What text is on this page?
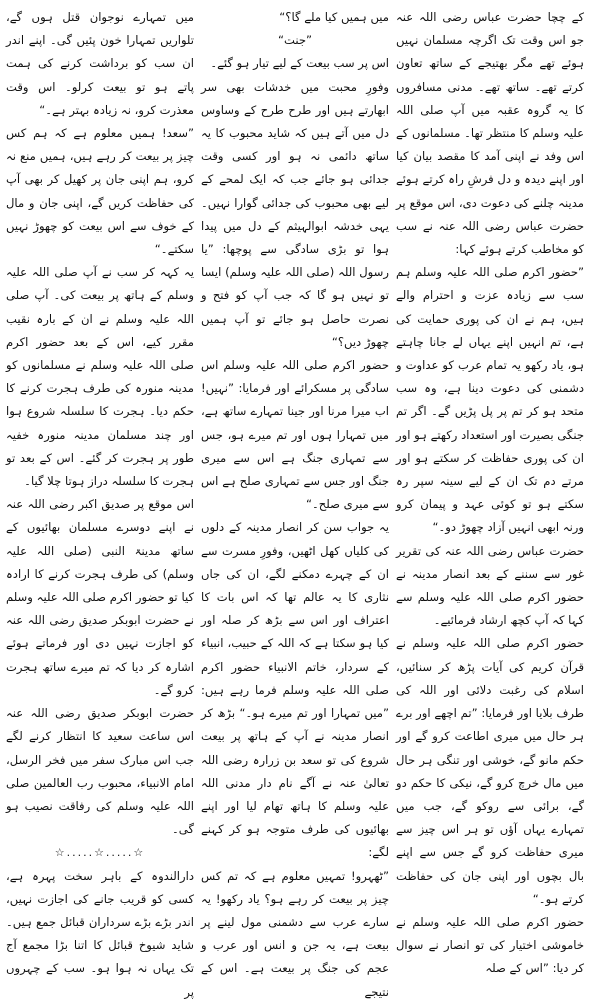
کے چچا حضرت عباس رضی اللہ عنہ جو اس وقت تک اگرچہ مسلمان نہیں ہوئے تھے مگر بھتیجے کے ساتھ تعاون کرتے تھے۔ ساتھ تھے۔ مدنی مسافروں کا یہ گروہ عقبہ میں آپ صلی اللہ علیہ وسلم کا منتظر تھا۔ مسلمانوں کے اس وفد نے اپنی آمد کا مقصد بیان کیا اور اپنے دیدہ و دل فرشِ راہ کرتے ہوئے مدینہ چلنے کی دعوت دی، اس موقع پر حضرت عباس رضی اللہ عنہ نے سب کو مخاطب کرتے ہوئے کہا:

”حضور اکرم صلی اللہ علیہ وسلم ہم سب سے زیادہ عزت و احترام والے ہیں، ہم نے ان کی پوری حمایت کی ہے، تم انہیں اپنے یہاں لے جانا چاہتے ہو، یاد رکھو یہ تمام عرب کو عداوت و دشمنی کی دعوت دینا ہے، وہ سب متحد ہو کر تم پر پل پڑیں گے۔ اگر تم جنگی بصیرت اور استعداد رکھتے ہو اور ان کی پوری حفاظت کر سکتے ہو اور مرتے دم تک ان کے لیے سینہ سپر رہ سکتے ہو تو کوئی عہد و پیمان کرو ورنہ ابھی انہیں آزاد چھوڑ دو۔“

حضرت عباس رضی اللہ عنہ کی تقریر غور سے سننے کے بعد انصار مدینہ نے حضور اکرم صلی اللہ علیہ وسلم سے کہا کہ آپ کچھ ارشاد فرمائیے۔

حضور اکرم صلی اللہ علیہ وسلم نے قرآن کریم کی آیات پڑھ کر سنائیں، اسلام کی رغبت دلائی اور اللہ کی طرف بلایا اور فرمایا: ”تم اچھے اور برے ہر حال میں میری اطاعت کرو گے اور حکم مانو گے، خوشی اور تنگی ہر حال میں مال خرچ کرو گے، نیکی کا حکم دو گے، برائی سے روکو گے، جب میں تمہارے یہاں آؤں تو ہر اس چیز سے میری حفاظت کرو گے جس سے اپنے بال بچوں اور اپنی جان کی حفاظت کرتے ہو۔“

حضور اکرم صلی اللہ علیہ وسلم نے خاموشی اختیار کی تو انصار نے سوال کر دیا: ”اس کے صلہ

میں ہمیں کیا ملے گا؟“

”جنت“

اس پر سب بیعت کے لیے تیار ہو گئے۔

وفورِ محبت میں خدشات بھی سر ابھارتے ہیں اور طرح طرح کے وساوس دل میں آتے ہیں کہ شاید محبوب کا یہ ساتھ دائمی نہ ہو اور کسی وقت جدائی ہو جائے جب کہ ایک لمحے کے لیے بھی محبوب کی جدائی گوارا نہیں۔ یہی خدشہ ابوالہیثم کے دل میں پیدا ہوا تو بڑی سادگی سے پوچھا: ”یا رسول اللہ (صلی اللہ علیہ وسلم) ایسا تو نہیں ہو گا کہ جب آپ کو فتح و نصرت حاصل ہو جائے تو آپ ہمیں چھوڑ دیں؟“

حضور اکرم صلی اللہ علیہ وسلم اس سادگی پر مسکرائے اور فرمایا: ”نہیں! اب میرا مرنا اور جینا تمہارے ساتھ ہے، میں تمہارا ہوں اور تم میرے ہو، جس سے تمہاری جنگ ہے اس سے میری جنگ اور جس سے تمہاری صلح ہے اس سے میری صلح۔“

یہ جواب سن کر انصار مدینہ کے دلوں کی کلیاں کھل اٹھیں، وفورِ مسرت سے ان کے چہرے دمکنے لگے، ان کی جاں نثاری کا یہ عالم تھا کہ اس بات کا اعتراف اور اس سے بڑھ کر صلہ اور کیا ہو سکتا ہے کہ اللہ کے حبیب، انبیاء کے سردار، خاتم الانبیاء حضور اکرم صلی اللہ علیہ وسلم فرما رہے ہیں: ”میں تمہارا اور تم میرے ہو۔“ بڑھ کر انصار مدینہ نے آپ کے ہاتھ پر بیعت شروع کی تو سعد بن زرارہ رضی اللہ تعالیٰ عنہ نے آگے نام دار مدنی اللہ علیہ وسلم کا ہاتھ تھام لیا اور اپنے بھائیوں کی طرف متوجہ ہو کر کہنے لگے:

”ٹھہرو! تمہیں معلوم ہے کہ تم کس چیز پر بیعت کر رہے ہو؟ یاد رکھو! یہ سارے عرب سے دشمنی مول لینے پر بیعت ہے، یہ جن و انس اور عرب و عجم کی جنگ پر بیعت ہے۔ اس کے نتیجے

میں تمہارے نوجوان قتل ہوں گے، تلواریں تمہارا خون پئیں گی۔ اپنے اندر ان سب کو برداشت کرنے کی ہمت پاتے ہو تو بیعت کرلو۔ اس وقت معذرت کرو، نہ زیادہ بہتر ہے۔“

”سعد! ہمیں معلوم ہے کہ ہم کس چیز پر بیعت کر رہے ہیں، ہمیں منع نہ کرو، ہم اپنی جان پر کھیل کر بھی آپ کی حفاظت کریں گے، اپنی جان و مال کے خوف سے اس بیعت کو چھوڑ نہیں سکتے۔“

یہ کہہ کر سب نے آپ صلی اللہ علیہ وسلم کے ہاتھ پر بیعت کی۔ آپ صلی اللہ علیہ وسلم نے ان کے بارہ نقیب مقرر کیے، اس کے بعد حضور اکرم صلی اللہ علیہ وسلم نے مسلمانوں کو مدینہ منورہ کی طرف ہجرت کرنے کا حکم دیا۔ ہجرت کا سلسلہ شروع ہوا اور چند مسلمان مدینہ منورہ خفیہ طور پر ہجرت کر گئے۔ اس کے بعد تو ہجرت کا سلسلہ دراز ہوتا چلا گیا۔

اس موقع پر صدیق اکبر رضی اللہ عنہ نے اپنے دوسرے مسلمان بھائیوں کے ساتھ مدینۃ النبی (صلی اللہ علیہ وسلم) کی طرف ہجرت کرنے کا ارادہ کیا تو حضور اکرم صلی اللہ علیہ وسلم نے حضرت ابوبکر صدیق رضی اللہ عنہ کو اجازت نہیں دی اور فرماتے ہوئے اشارہ کر دیا کہ تم میرے ساتھ ہجرت کرو گے۔

حضرت ابوبکر صدیق رضی اللہ عنہ اس ساعت سعید کا انتظار کرنے لگے جب اس مبارک سفر میں فخر الرسل، امام الانبیاء، محبوب رب العالمین صلی اللہ علیہ وسلم کی رفاقت نصیب ہو گی۔

☆.....☆.....☆

دارالندوہ کے باہر سخت پہرہ ہے، کسی کو قریب جانے کی اجازت نہیں، اندر بڑے بڑے سرداران قبائل جمع ہیں۔ شاید شیوخ قبائل کا اتنا بڑا مجمع آج تک یہاں نہ ہوا ہو۔ سب کے چہروں پر
